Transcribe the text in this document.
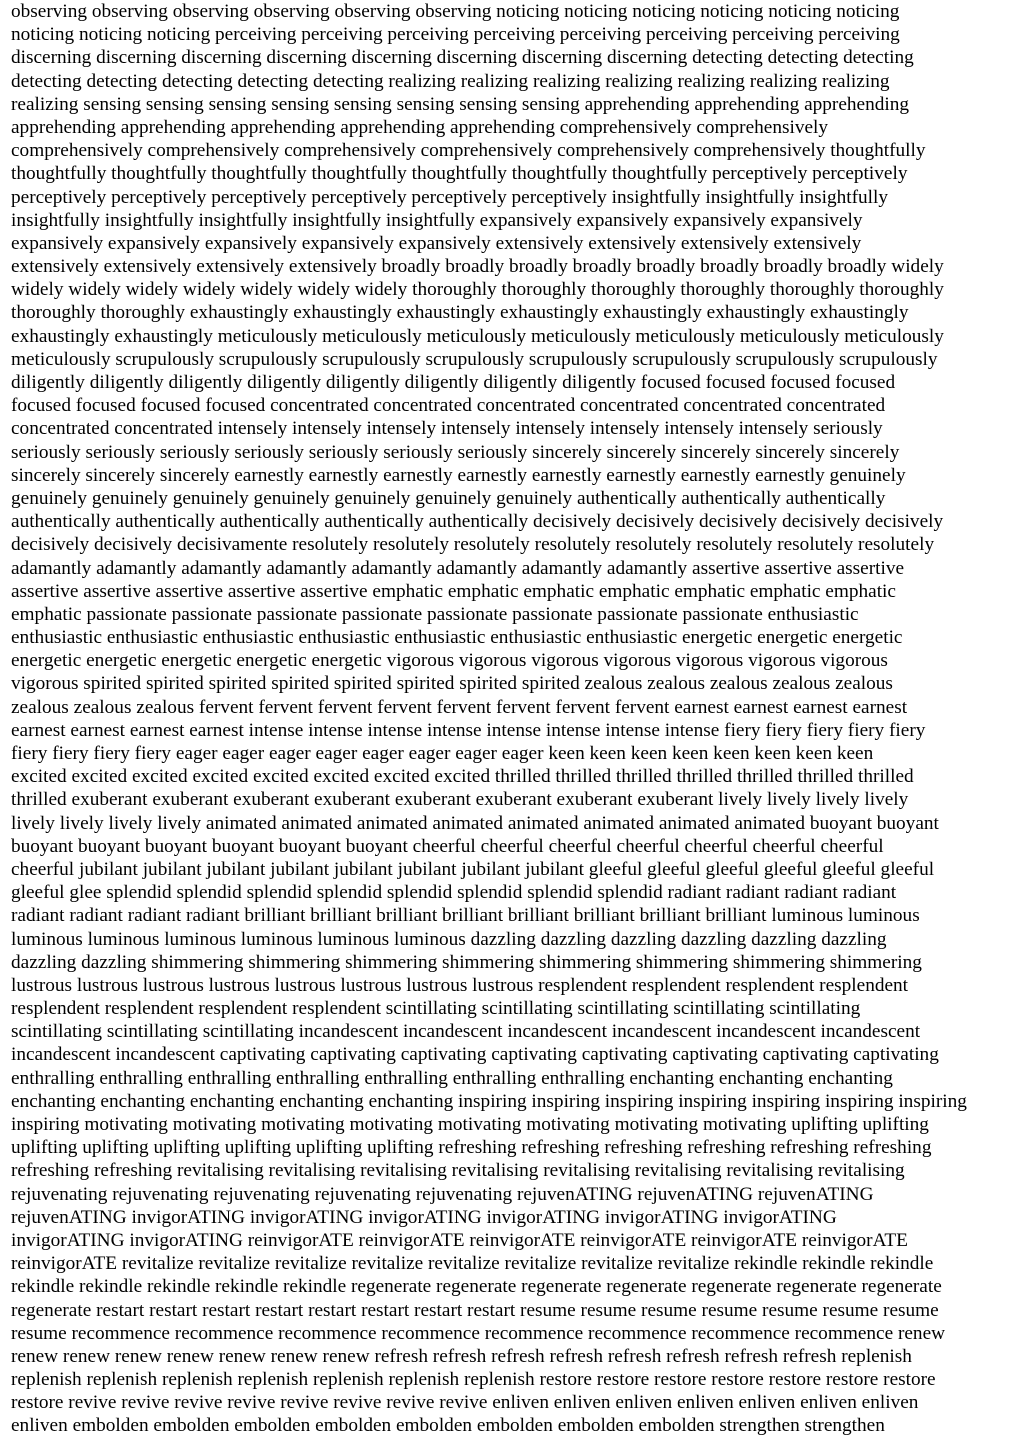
observing observing observing observing observing observing noticing noticing noticing noticing noticing noticing
noticing noticing noticing perceiving perceiving perceiving perceiving perceiving perceiving perceiving perceiving
discerning discerning discerning discerning discerning discerning discerning discerning detecting detecting detecting
detecting detecting detecting detecting detecting realizing realizing realizing realizing realizing realizing realizing
realizing sensing sensing sensing sensing sensing sensing sensing sensing apprehending apprehending apprehending
apprehending apprehending apprehending apprehending apprehending comprehensively comprehensively
comprehensively comprehensively comprehensively comprehensively comprehensively comprehensively thoughtfully
thoughtfully thoughtfully thoughtfully thoughtfully thoughtfully thoughtfully thoughtfully perceptively perceptively
perceptively perceptively perceptively perceptively perceptively perceptively insightfully insightfully insightfully
insightfully insightfully insightfully insightfully insightfully expansively expansively expansively expansively
expansively expansively expansively expansively expansively extensively extensively extensively extensively
extensively extensively extensively extensively broadly broadly broadly broadly broadly broadly broadly broadly widely
widely widely widely widely widely widely widely thoroughly thoroughly thoroughly thoroughly thoroughly thoroughly
thoroughly thoroughly exhaustingly exhaustingly exhaustingly exhaustingly exhaustingly exhaustingly exhaustingly
exhaustingly exhaustingly meticulously meticulously meticulously meticulously meticulously meticulously meticulously
meticulously scrupulously scrupulously scrupulously scrupulously scrupulously scrupulously scrupulously scrupulously
diligently diligently diligently diligently diligently diligently diligently diligently focused focused focused focused
focused focused focused focused concentrated concentrated concentrated concentrated concentrated concentrated
concentrated concentrated intensely intensely intensely intensely intensely intensely intensely intensely seriously
seriously seriously seriously seriously seriously seriously seriously sincerely sincerely sincerely sincerely sincerely
sincerely sincerely sincerely earnestly earnestly earnestly earnestly earnestly earnestly earnestly earnestly genuinely
genuinely genuinely genuinely genuinely genuinely genuinely genuinely authentically authentically authentically
authentically authentically authentically authentically authentically decisively decisively decisively decisively decisively
decisively decisively decisivamente resolutely resolutely resolutely resolutely resolutely resolutely resolutely resolutely
adamantly adamantly adamantly adamantly adamantly adamantly adamantly adamantly assertive assertive assertive
assertive assertive assertive assertive assertive emphatic emphatic emphatic emphatic emphatic emphatic emphatic
emphatic passionate passionate passionate passionate passionate passionate passionate passionate enthusiastic
enthusiastic enthusiastic enthusiastic enthusiastic enthusiastic enthusiastic enthusiastic energetic energetic energetic
energetic energetic energetic energetic energetic vigorous vigorous vigorous vigorous vigorous vigorous vigorous
vigorous spirited spirited spirited spirited spirited spirited spirited spirited zealous zealous zealous zealous zealous
zealous zealous zealous fervent fervent fervent fervent fervent fervent fervent fervent earnest earnest earnest earnest
earnest earnest earnest earnest intense intense intense intense intense intense intense intense fiery fiery fiery fiery fiery
fiery fiery fiery fiery eager eager eager eager eager eager eager eager keen keen keen keen keen keen keen keen
excited excited excited excited excited excited excited excited thrilled thrilled thrilled thrilled thrilled thrilled thrilled
thrilled exuberant exuberant exuberant exuberant exuberant exuberant exuberant exuberant lively lively lively lively
lively lively lively lively animated animated animated animated animated animated animated animated buoyant buoyant
buoyant buoyant buoyant buoyant buoyant buoyant cheerful cheerful cheerful cheerful cheerful cheerful cheerful
cheerful jubilant jubilant jubilant jubilant jubilant jubilant jubilant jubilant gleeful gleeful gleeful gleeful gleeful gleeful
gleeful glee splendid splendid splendid splendid splendid splendid splendid splendid radiant radiant radiant radiant
radiant radiant radiant radiant brilliant brilliant brilliant brilliant brilliant brilliant brilliant brilliant luminous luminous
luminous luminous luminous luminous luminous luminous dazzling dazzling dazzling dazzling dazzling dazzling
dazzling dazzling shimmering shimmering shimmering shimmering shimmering shimmering shimmering shimmering
lustrous lustrous lustrous lustrous lustrous lustrous lustrous lustrous resplendent resplendent resplendent resplendent
resplendent resplendent resplendent resplendent scintillating scintillating scintillating scintillating scintillating
scintillating scintillating scintillating incandescent incandescent incandescent incandescent incandescent incandescent
incandescent incandescent captivating captivating captivating captivating captivating captivating captivating captivating
enthralling enthralling enthralling enthralling enthralling enthralling enthralling enchanting enchanting enchanting
enchanting enchanting enchanting enchanting enchanting inspiring inspiring inspiring inspiring inspiring inspiring inspiring
inspiring motivating motivating motivating motivating motivating motivating motivating motivating uplifting uplifting
uplifting uplifting uplifting uplifting uplifting uplifting refreshing refreshing refreshing refreshing refreshing refreshing
refreshing refreshing revitalising revitalising revitalising revitalising revitalising revitalising revitalising revitalising
rejuvenating rejuvenating rejuvenating rejuvenating rejuvenating rejuvenATING rejuvenATING rejuvenATING
rejuvenATING invigorATING invigorATING invigorATING invigorATING invigorATING invigorATING
invigorATING invigorATING reinvigorATE reinvigorATE reinvigorATE reinvigorATE reinvigorATE reinvigorATE
reinvigorATE revitalize revitalize revitalize revitalize revitalize revitalize revitalize revitalize rekindle rekindle rekindle
rekindle rekindle rekindle rekindle rekindle regenerate regenerate regenerate regenerate regenerate regenerate regenerate
regenerate restart restart restart restart restart restart restart restart resume resume resume resume resume resume resume
resume recommence recommence recommence recommence recommence recommence recommence recommence renew
renew renew renew renew renew renew renew refresh refresh refresh refresh refresh refresh refresh refresh replenish
replenish replenish replenish replenish replenish replenish replenish restore restore restore restore restore restore restore
restore revive revive revive revive revive revive revive revive enliven enliven enliven enliven enliven enliven enliven
enliven embolden embolden embolden embolden embolden embolden embolden embolden strengthen strengthen
